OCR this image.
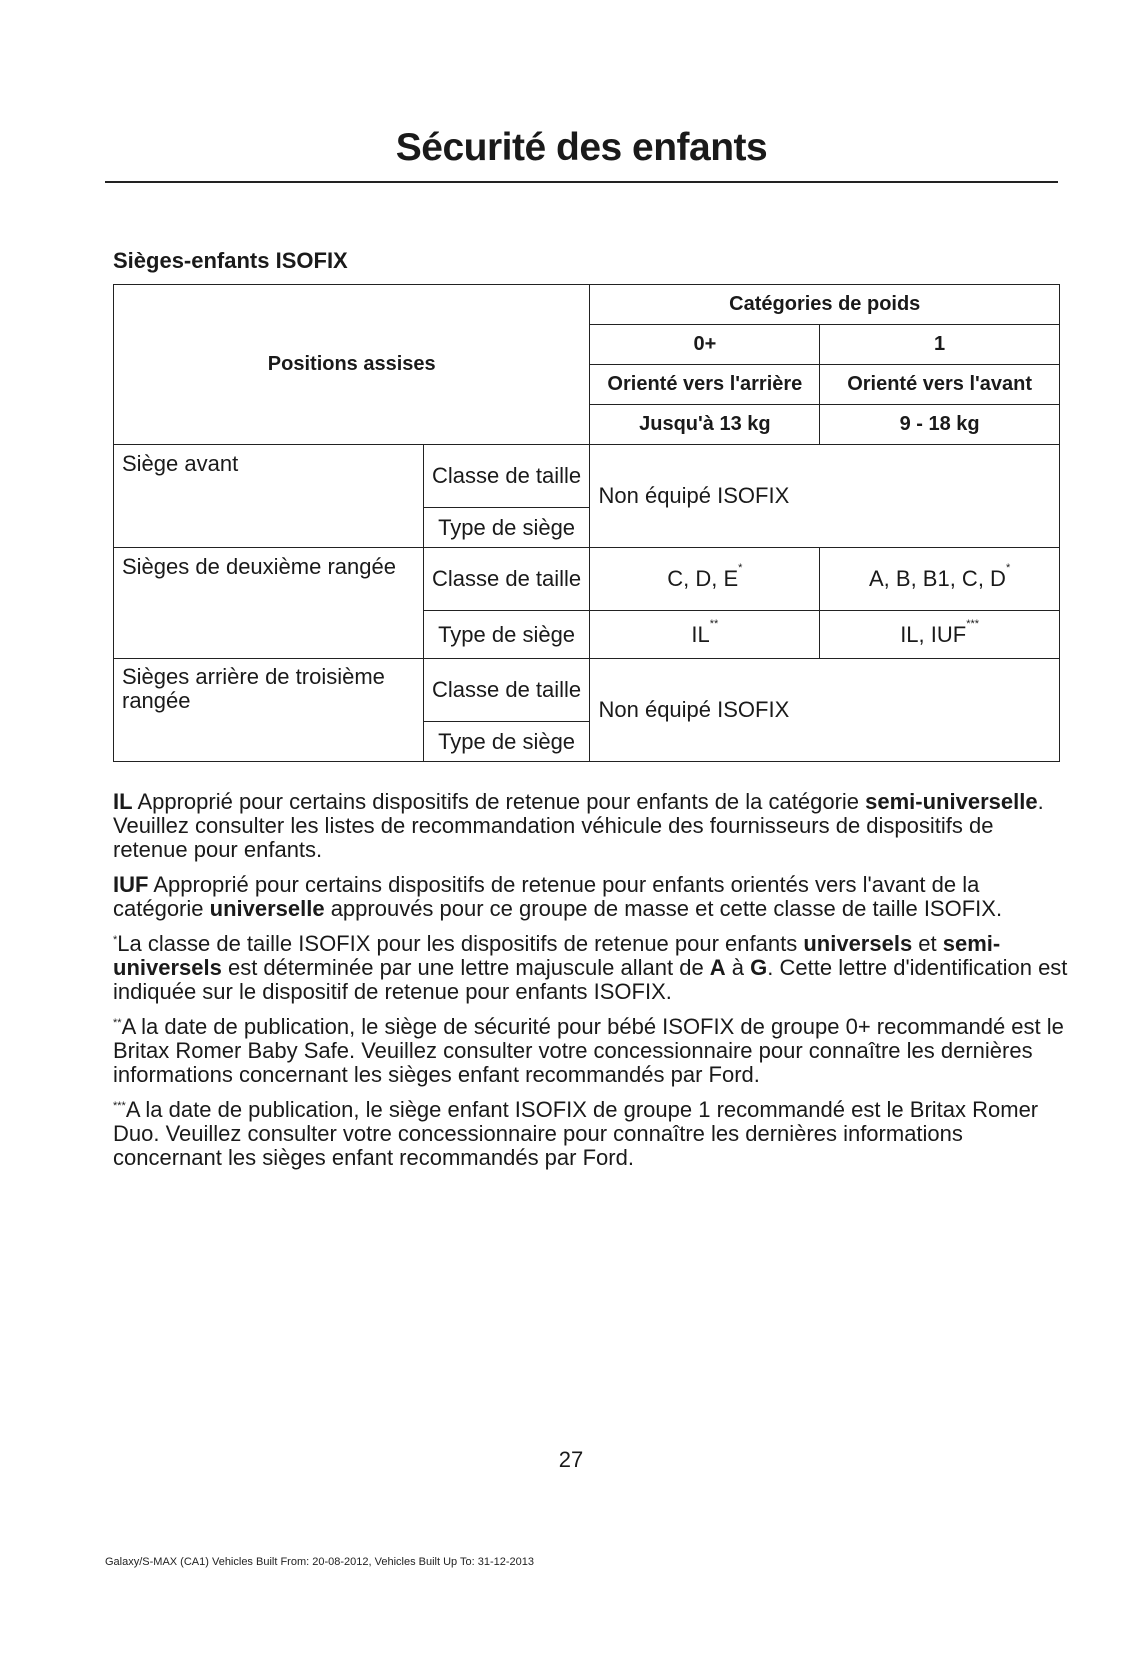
Sécurité des enfants
Sièges-enfants ISOFIX
Positions assises		Catégories de poids	
		0+	1
		Orienté vers l'arrière	Orienté vers l'avant
		Jusqu'à 13 kg	9 - 18 kg
Siège avant	Classe de taille	Non équipé ISOFIX	
	Type de siège		
Sièges de deuxième rangée	Classe de taille	C, D, E*	A, B, B1, C, D*
	Type de siège	IL**	IL, IUF***
Sièges arrière de troisième rangée	Classe de taille	Non équipé ISOFIX	
	Type de siège		

IL Approprié pour certains dispositifs de retenue pour enfants de la catégorie semi-universelle. Veuillez consulter les listes de recommandation véhicule des fournisseurs de dispositifs de retenue pour enfants.

IUF Approprié pour certains dispositifs de retenue pour enfants orientés vers l'avant de la catégorie universelle approuvés pour ce groupe de masse et cette classe de taille ISOFIX.

*La classe de taille ISOFIX pour les dispositifs de retenue pour enfants universels et semi-universels est déterminée par une lettre majuscule allant de A à G. Cette lettre d'identification est indiquée sur le dispositif de retenue pour enfants ISOFIX.

**A la date de publication, le siège de sécurité pour bébé ISOFIX de groupe 0+ recommandé est le Britax Romer Baby Safe. Veuillez consulter votre concessionnaire pour connaître les dernières informations concernant les sièges enfant recommandés par Ford.

***A la date de publication, le siège enfant ISOFIX de groupe 1 recommandé est le Britax Romer Duo. Veuillez consulter votre concessionnaire pour connaître les dernières informations concernant les sièges enfant recommandés par Ford.

27
Galaxy/S-MAX (CA1) Vehicles Built From: 20-08-2012, Vehicles Built Up To: 31-12-2013
